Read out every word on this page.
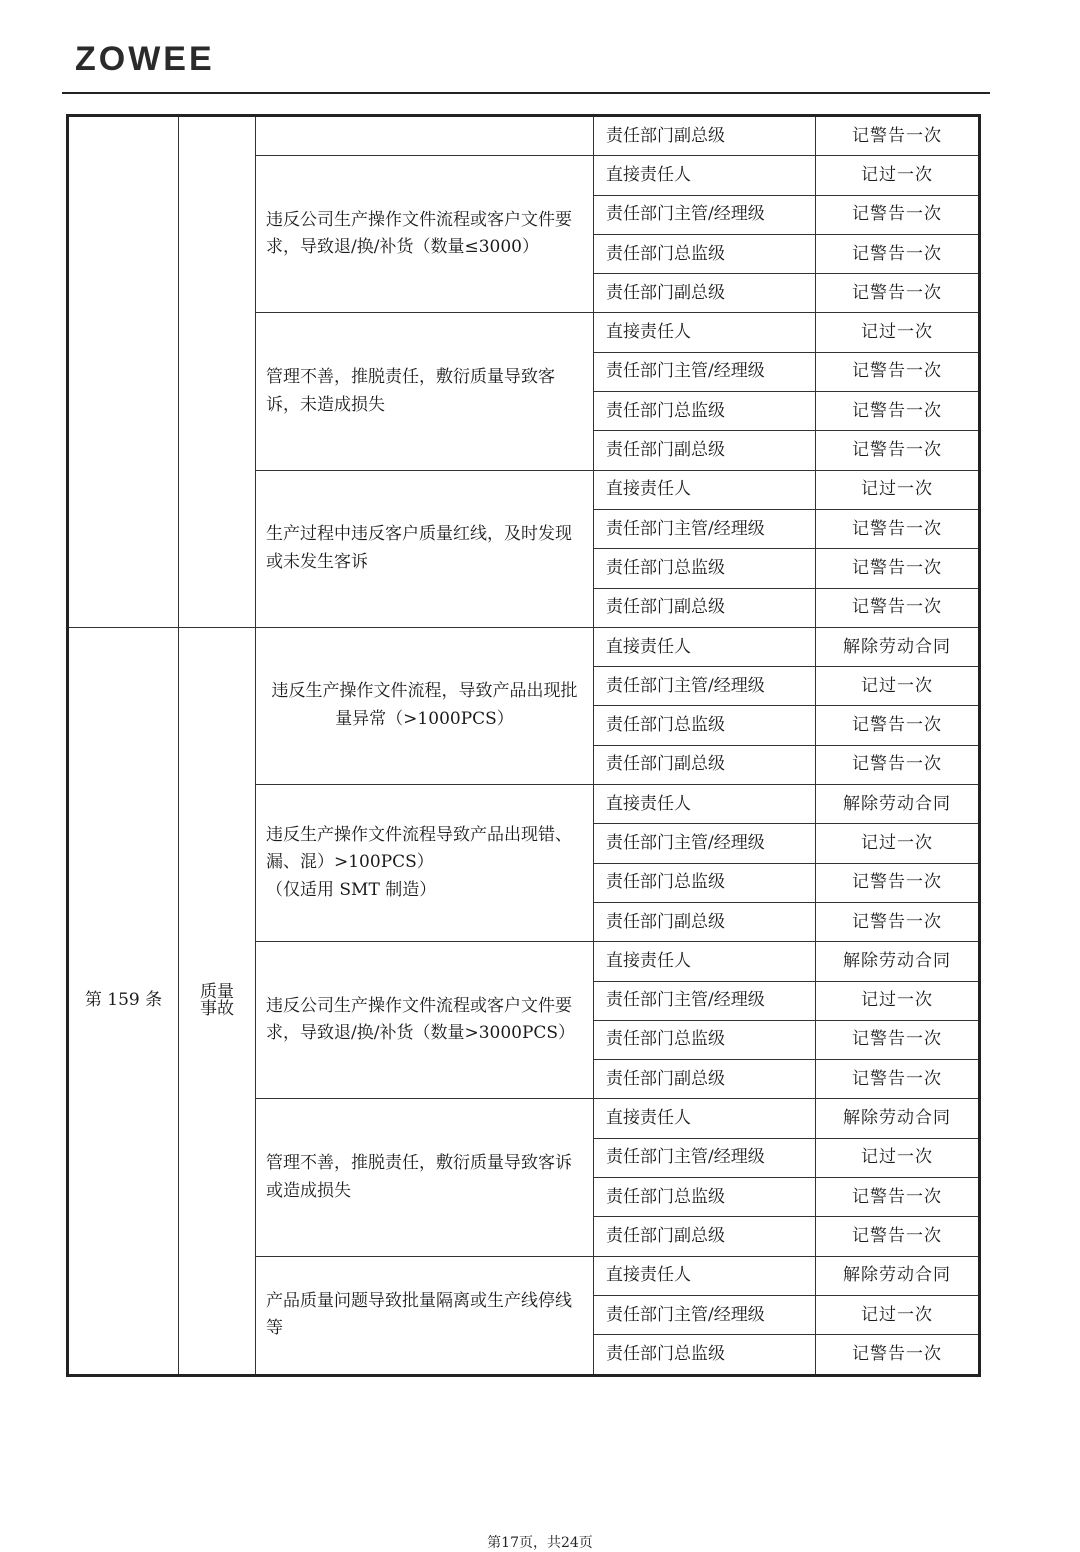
ZOWEE
			责任部门副总级	记警告一次

		违反公司生产操作文件流程或客户文件要求，导致退/换/补货（数量≤3000）	直接责任人	记过一次
			责任部门主管/经理级	记警告一次
			责任部门总监级	记警告一次
			责任部门副总级	记警告一次

		管理不善，推脱责任，敷衍质量导致客诉，未造成损失	直接责任人	记过一次
			责任部门主管/经理级	记警告一次
			责任部门总监级	记警告一次
			责任部门副总级	记警告一次

		生产过程中违反客户质量红线，及时发现或未发生客诉	直接责任人	记过一次
			责任部门主管/经理级	记警告一次
			责任部门总监级	记警告一次
			责任部门副总级	记警告一次
第 159 条	质量事故	违反生产操作文件流程，导致产品出现批量异常（>1000PCS）	直接责任人	解除劳动合同
			责任部门主管/经理级	记过一次
			责任部门总监级	记警告一次
			责任部门副总级	记警告一次

		违反生产操作文件流程导致产品出现错、漏、混）>100PCS）
（仅适用 SMT 制造）	直接责任人	解除劳动合同
			责任部门主管/经理级	记过一次
			责任部门总监级	记警告一次
			责任部门副总级	记警告一次

		违反公司生产操作文件流程或客户文件要求，导致退/换/补货（数量>3000PCS）	直接责任人	解除劳动合同
			责任部门主管/经理级	记过一次
			责任部门总监级	记警告一次
			责任部门副总级	记警告一次

		管理不善，推脱责任，敷衍质量导致客诉或造成损失	直接责任人	解除劳动合同
			责任部门主管/经理级	记过一次
			责任部门总监级	记警告一次
			责任部门副总级	记警告一次

		产品质量问题导致批量隔离或生产线停线等	直接责任人	解除劳动合同
			责任部门主管/经理级	记过一次
			责任部门总监级	记警告一次
第17页，共24页
